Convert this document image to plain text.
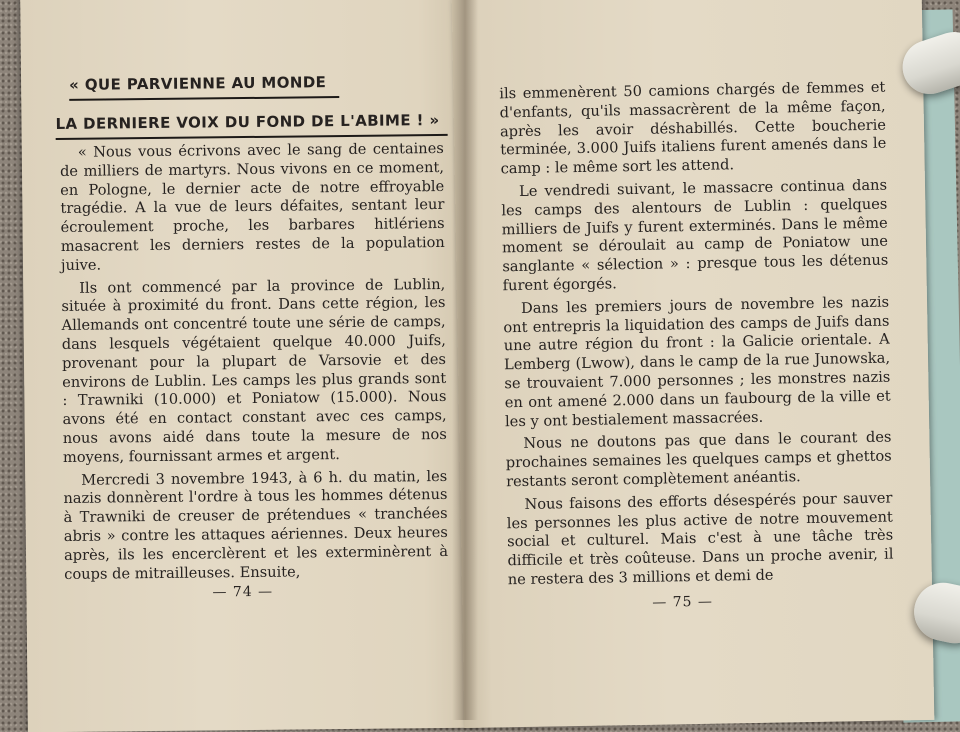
« QUE PARVIENNE AU MONDE
LA DERNIERE VOIX DU FOND DE L'ABIME ! »

« Nous vous écrivons avec le sang de centaines de milliers de martyrs. Nous vivons en ce moment, en Pologne, le dernier acte de notre effroyable tragédie. A la vue de leurs défaites, sentant leur écroulement proche, les barbares hitlériens masacrent les derniers restes de la population juive.

Ils ont commencé par la province de Lublin, située à proximité du front. Dans cette région, les Allemands ont concentré toute une série de camps, dans lesquels végétaient quelque 40.000 Juifs, provenant pour la plupart de Varsovie et des environs de Lublin. Les camps les plus grands sont : Trawniki (10.000) et Poniatow (15.000). Nous avons été en contact constant avec ces camps, nous avons aidé dans toute la mesure de nos moyens, fournissant armes et argent.

Mercredi 3 novembre 1943, à 6 h. du matin, les nazis donnèrent l'ordre à tous les hommes détenus à Trawniki de creuser de prétendues « tranchées abris » contre les attaques aériennes. Deux heures après, ils les encerclèrent et les exterminèrent à coups de mitrailleuses. Ensuite,

— 74 —

ils emmenèrent 50 camions chargés de femmes et d'enfants, qu'ils massacrèrent de la même façon, après les avoir déshabillés. Cette boucherie terminée, 3.000 Juifs italiens furent amenés dans le camp : le même sort les attend.

Le vendredi suivant, le massacre continua dans les camps des alentours de Lublin : quelques milliers de Juifs y furent exterminés. Dans le même moment se déroulait au camp de Poniatow une sanglante « sélection » : presque tous les détenus furent égorgés.

Dans les premiers jours de novembre les nazis ont entrepris la liquidation des camps de Juifs dans une autre région du front : la Galicie orientale. A Lemberg (Lwow), dans le camp de la rue Junowska, se trouvaient 7.000 personnes ; les monstres nazis en ont amené 2.000 dans un faubourg de la ville et les y ont bestialement massacrées.

Nous ne doutons pas que dans le courant des prochaines semaines les quelques camps et ghettos restants seront complètement anéantis.

Nous faisons des efforts désespérés pour sauver les personnes les plus active de notre mouvement social et culturel. Mais c'est à une tâche très difficile et très coûteuse. Dans un proche avenir, il ne restera des 3 millions et demi de

— 75 —
